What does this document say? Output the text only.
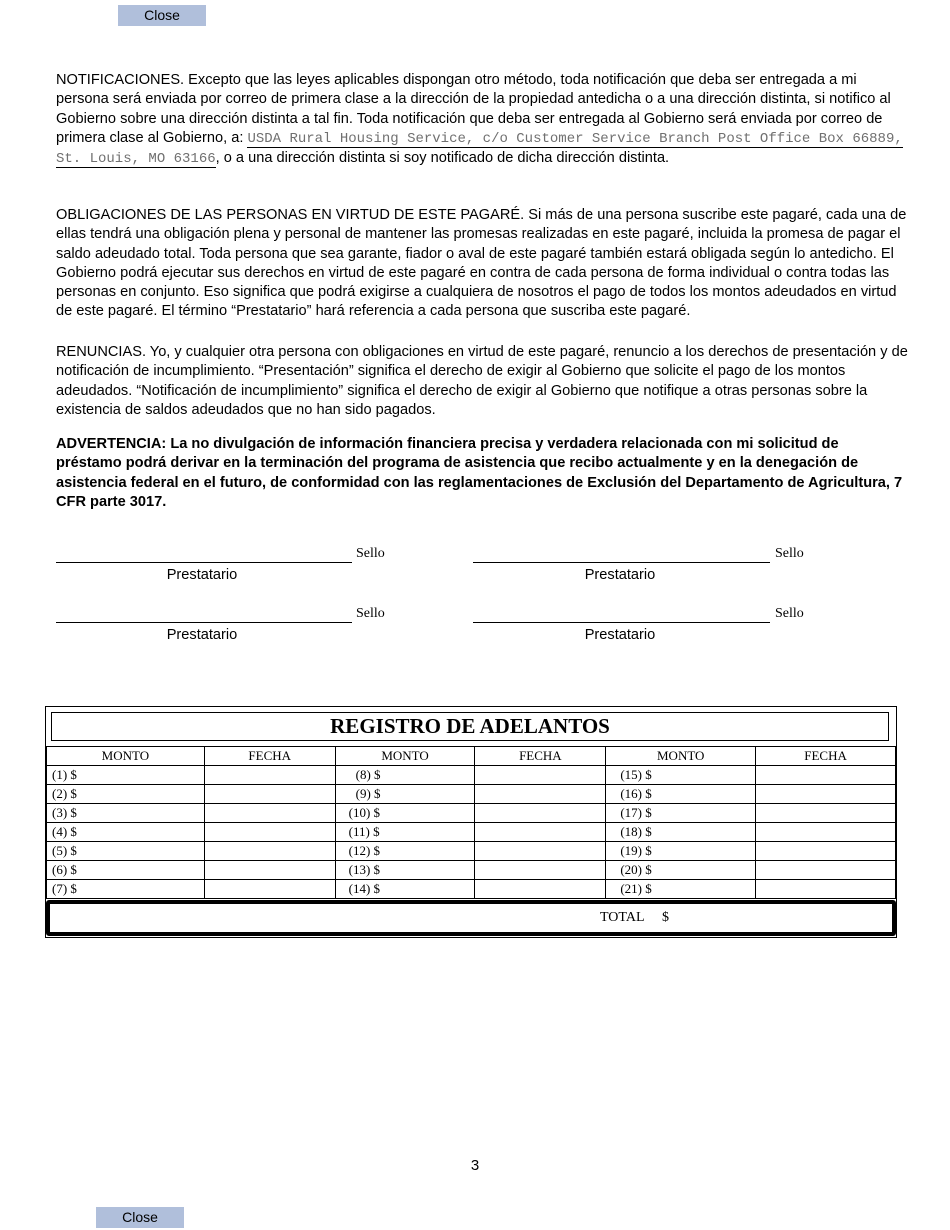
Close

NOTIFICACIONES. Excepto que las leyes aplicables dispongan otro método, toda notificación que deba ser entregada a mi persona será enviada por correo de primera clase a la dirección de la propiedad antedicha o a una dirección distinta, si notifico al Gobierno sobre una dirección distinta a tal fin. Toda notificación que deba ser entregada al Gobierno será enviada por correo de primera clase al Gobierno, a: USDA Rural Housing Service, c/o Customer Service Branch Post Office Box 66889, St. Louis, MO 63166, o a una dirección distinta si soy notificado de dicha dirección distinta.

OBLIGACIONES DE LAS PERSONAS EN VIRTUD DE ESTE PAGARÉ. Si más de una persona suscribe este pagaré, cada una de ellas tendrá una obligación plena y personal de mantener las promesas realizadas en este pagaré, incluida la promesa de pagar el saldo adeudado total. Toda persona que sea garante, fiador o aval de este pagaré también estará obligada según lo antedicho. El Gobierno podrá ejecutar sus derechos en virtud de este pagaré en contra de cada persona de forma individual o contra todas las personas en conjunto. Eso significa que podrá exigirse a cualquiera de nosotros el pago de todos los montos adeudados en virtud de este pagaré. El término “Prestatario” hará referencia a cada persona que suscriba este pagaré.

RENUNCIAS. Yo, y cualquier otra persona con obligaciones en virtud de este pagaré, renuncio a los derechos de presentación y de notificación de incumplimiento. “Presentación” significa el derecho de exigir al Gobierno que solicite el pago de los montos adeudados. “Notificación de incumplimiento” significa el derecho de exigir al Gobierno que notifique a otras personas sobre la existencia de saldos adeudados que no han sido pagados.

ADVERTENCIA: La no divulgación de información financiera precisa y verdadera relacionada con mi solicitud de préstamo podrá derivar en la terminación del programa de asistencia que recibo actualmente y en la denegación de asistencia federal en el futuro, de conformidad con las reglamentaciones de Exclusión del Departamento de Agricultura, 7 CFR parte 3017.

Sello
Prestatario
Sello
Prestatario
Sello
Prestatario
Sello
Prestatario
REGISTRO DE ADELANTOS
MONTO	FECHA	MONTO	FECHA	MONTO	FECHA
(1) $		(8) $		(15) $	
(2) $		(9) $		(16) $	
(3) $		(10) $		(17) $	
(4) $		(11) $		(18) $	
(5) $		(12) $		(19) $	
(6) $		(13) $		(20) $	
(7) $		(14) $		(21) $	
TOTAL $
3
Close
